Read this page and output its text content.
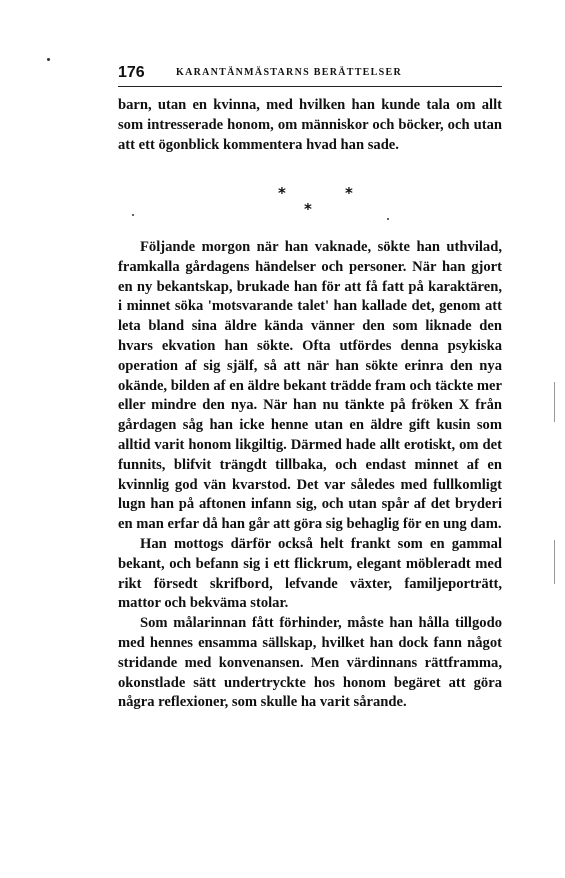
176	KARANTÄNMÄSTARNS BERÄTTELSER

barn, utan en kvinna, med hvilken han kunde tala om allt som intresserade honom, om människor och böcker, och utan att ett ögonblick kommentera hvad han sade.

*	*
*

Följande morgon när han vaknade, sökte han uthvilad, framkalla gårdagens händelser och personer. När han gjort en ny bekantskap, brukade han för att få fatt på karaktären, i minnet söka 'motsvarande talet' han kallade det, genom att leta bland sina äldre kända vänner den som liknade den hvars ekvation han sökte. Ofta utfördes denna psykiska operation af sig själf, så att när han sökte erinra den nya okände, bilden af en äldre bekant trädde fram och täckte mer eller mindre den nya. När han nu tänkte på fröken X från gårdagen såg han icke henne utan en äldre gift kusin som alltid varit honom likgiltig. Därmed hade allt erotiskt, om det funnits, blifvit trängdt tillbaka, och endast minnet af en kvinnlig god vän kvarstod. Det var således med fullkomligt lugn han på aftonen infann sig, och utan spår af det bryderi en man erfar då han går att göra sig behaglig för en ung dam.

Han mottogs därför också helt frankt som en gammal bekant, och befann sig i ett flickrum, elegant möbleradt med rikt försedt skrifbord, lefvande växter, familjeporträtt, mattor och bekväma stolar.

Som målarinnan fått förhinder, måste han hålla tillgodo med hennes ensamma sällskap, hvilket han dock fann något stridande med konvenansen. Men värdinnans rättframma, okonstlade sätt undertryckte hos honom begäret att göra några reflexioner, som skulle ha varit sårande.
